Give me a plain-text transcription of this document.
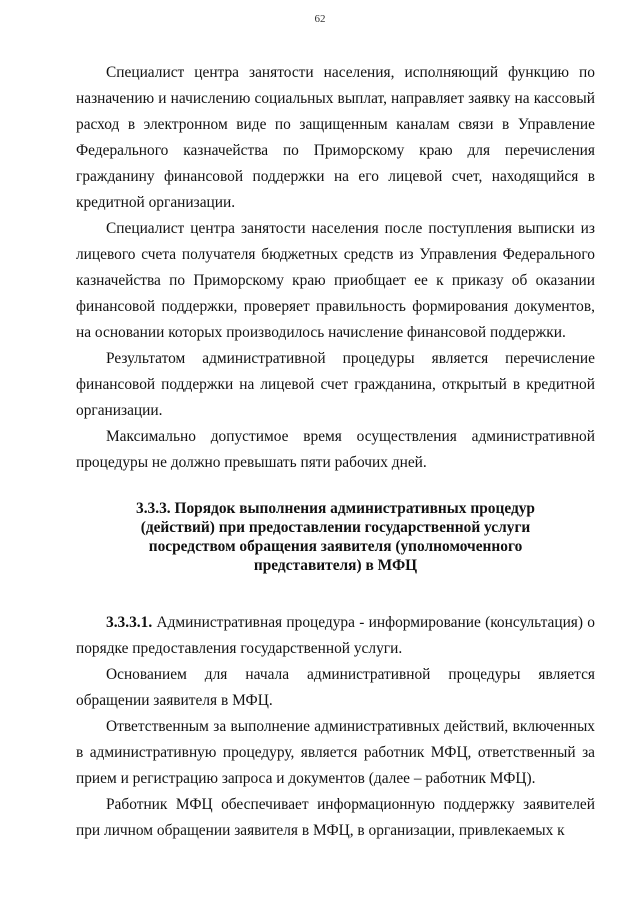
62

Специалист центра занятости населения, исполняющий функцию по назначению и начислению социальных выплат, направляет заявку на кассовый расход в электронном виде по защищенным каналам связи в Управление Федерального казначейства по Приморскому краю для перечисления гражданину финансовой поддержки на его лицевой счет, находящийся в кредитной организации.

Специалист центра занятости населения после поступления выписки из лицевого счета получателя бюджетных средств из Управления Федерального казначейства по Приморскому краю приобщает ее к приказу об оказании финансовой поддержки, проверяет правильность формирования документов, на основании которых производилось начисление финансовой поддержки.

Результатом административной процедуры является перечисление финансовой поддержки на лицевой счет гражданина, открытый в кредитной организации.

Максимально допустимое время осуществления административной процедуры не должно превышать пяти рабочих дней.

3.3.3. Порядок выполнения административных процедур (действий) при предоставлении государственной услуги посредством обращения заявителя (уполномоченного представителя) в МФЦ

3.3.3.1. Административная процедура - информирование (консультация) о порядке предоставления государственной услуги.

Основанием для начала административной процедуры является обращении заявителя в МФЦ.

Ответственным за выполнение административных действий, включенных в административную процедуру, является работник МФЦ, ответственный за прием и регистрацию запроса и документов (далее – работник МФЦ).

Работник МФЦ обеспечивает информационную поддержку заявителей при личном обращении заявителя в МФЦ, в организации, привлекаемых к
